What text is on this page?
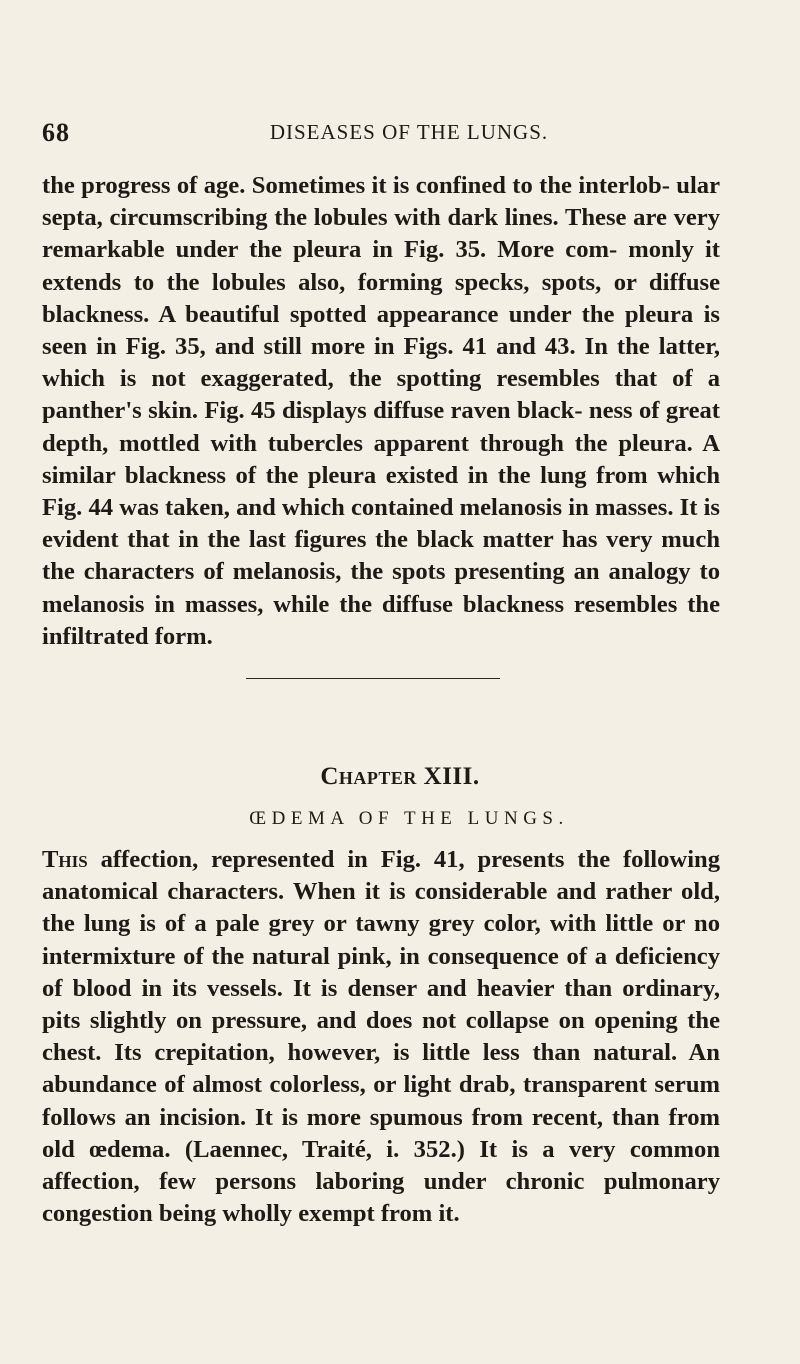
68	DISEASES OF THE LUNGS.

the progress of age. Sometimes it is confined to the interlob- ular septa, circumscribing the lobules with dark lines. These are very remarkable under the pleura in Fig. 35. More com- monly it extends to the lobules also, forming specks, spots, or diffuse blackness. A beautiful spotted appearance under the pleura is seen in Fig. 35, and still more in Figs. 41 and 43. In the latter, which is not exaggerated, the spotting resembles that of a panther's skin. Fig. 45 displays diffuse raven black- ness of great depth, mottled with tubercles apparent through the pleura. A similar blackness of the pleura existed in the lung from which Fig. 44 was taken, and which contained melanosis in masses. It is evident that in the last figures the black matter has very much the characters of melanosis, the spots presenting an analogy to melanosis in masses, while the diffuse blackness resembles the infiltrated form.

Chapter XIII.
ŒDEMA OF THE LUNGS.

This affection, represented in Fig. 41, presents the following anatomical characters. When it is considerable and rather old, the lung is of a pale grey or tawny grey color, with little or no intermixture of the natural pink, in consequence of a deficiency of blood in its vessels. It is denser and heavier than ordinary, pits slightly on pressure, and does not collapse on opening the chest. Its crepitation, however, is little less than natural. An abundance of almost colorless, or light drab, transparent serum follows an incision. It is more spumous from recent, than from old œdema. (Laennec, Traité, i. 352.) It is a very common affection, few persons laboring under chronic pulmonary congestion being wholly exempt from it.
